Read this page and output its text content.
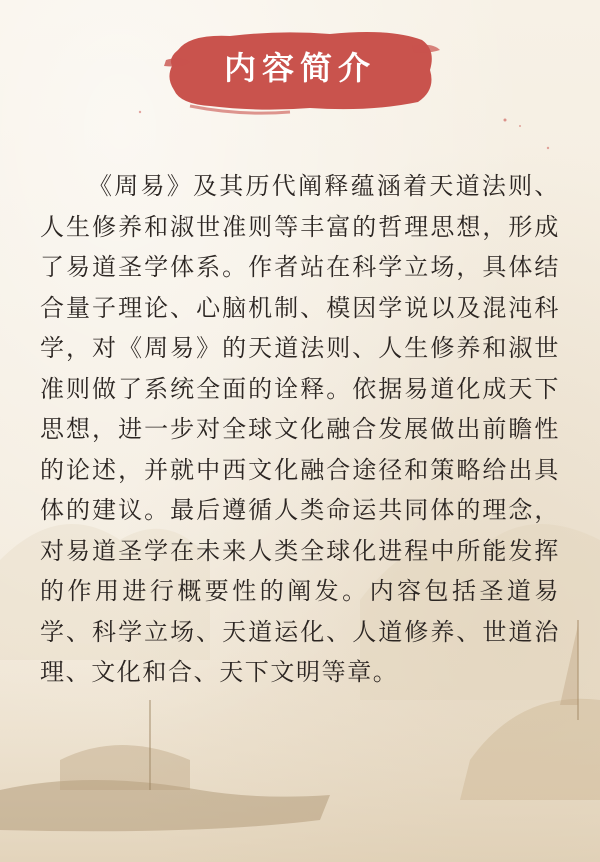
内容简介

《周易》及其历代阐释蕴涵着天道法则、人生修养和淑世准则等丰富的哲理思想，形成了易道圣学体系。作者站在科学立场，具体结合量子理论、心脑机制、模因学说以及混沌科学，对《周易》的天道法则、人生修养和淑世准则做了系统全面的诠释。依据易道化成天下思想，进一步对全球文化融合发展做出前瞻性的论述，并就中西文化融合途径和策略给出具体的建议。最后遵循人类命运共同体的理念，对易道圣学在未来人类全球化进程中所能发挥的作用进行概要性的阐发。内容包括圣道易学、科学立场、天道运化、人道修养、世道治理、文化和合、天下文明等章。
